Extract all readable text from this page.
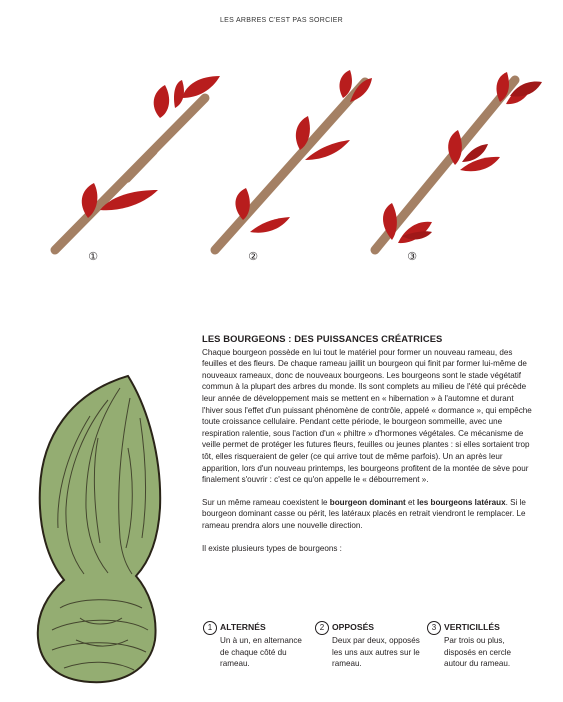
LES ARBRES C'EST PAS SORCIER
①	②	③
LES BOURGEONS : DES PUISSANCES CRÉATRICES

Chaque bourgeon possède en lui tout le matériel pour former un nouveau rameau, des feuilles et des fleurs. De chaque rameau jaillit un bourgeon qui finit par former lui-même de nouveaux rameaux, donc de nouveaux bourgeons. Les bourgeons sont le stade végétatif commun à la plupart des arbres du monde. Ils sont complets au milieu de l'été qui précède leur année de développement mais se mettent en « hibernation » à l'automne et durant l'hiver sous l'effet d'un puissant phénomène de contrôle, appelé « dormance », qui empêche toute croissance cellulaire. Pendant cette période, le bourgeon sommeille, avec une respiration ralentie, sous l'action d'un « philtre » d'hormones végétales. Ce mécanisme de veille permet de protéger les futures fleurs, feuilles ou jeunes plantes : si elles sortaient trop tôt, elles risqueraient de geler (ce qui arrive tout de même parfois). Un an après leur apparition, lors d'un nouveau printemps, les bourgeons profitent de la montée de sève pour finalement s'ouvrir : c'est ce qu'on appelle le « débourrement ».

Sur un même rameau coexistent le bourgeon dominant et les bourgeons latéraux. Si le bourgeon dominant casse ou périt, les latéraux placés en retrait viendront le remplacer. Le rameau prendra alors une nouvelle direction.

Il existe plusieurs types de bourgeons :

1 ALTERNÉS
Un à un, en alternance de chaque côté du rameau.
2 OPPOSÉS
Deux par deux, opposés les uns aux autres sur le rameau.
3 VERTICILLÉS
Par trois ou plus, disposés en cercle autour du rameau.
